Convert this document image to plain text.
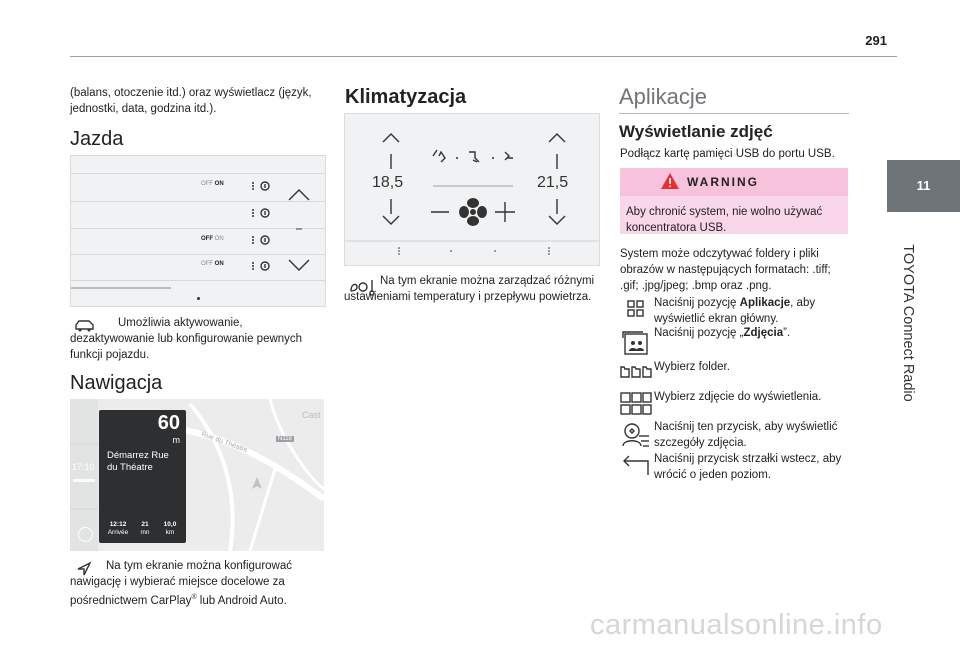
291
11
TOYOTA Connect Radio
(balans, otoczenie itd.) oraz wyświetlacz (język, jednostki, data, godzina itd.).
Jazda
OFF ON
OFF ON
OFF ON
Umożliwia aktywowanie, dezaktywowanie lub konfigurowanie pewnych funkcji pojazdu.
Nawigacja
Cast
Rue du Théatre	N118
17:10
60
m
Démarrez Rue du Théatre
12:12
Arrivée
21
mn
10,0
km
Na tym ekranie można konfigurować nawigację i wybierać miejsce docelowe za pośrednictwem CarPlay® lub Android Auto.
Klimatyzacja
18,5	21,5
Na tym ekranie można zarządzać różnymi ustawieniami temperatury i przepływu powietrza.
Aplikacje
Wyświetlanie zdjęć
Podłącz kartę pamięci USB do portu USB.
WARNING
Aby chronić system, nie wolno używać koncentratora USB.
System może odczytywać foldery i pliki obrazów w następujących formatach: .tiff; .gif; .jpg/jpeg; .bmp oraz .png.
Naciśnij pozycję Aplikacje, aby wyświetlić ekran główny.
Naciśnij pozycję „Zdjęcia”.
Wybierz folder.
Wybierz zdjęcie do wyświetlenia.
Naciśnij ten przycisk, aby wyświetlić szczegóły zdjęcia.
Naciśnij przycisk strzałki wstecz, aby wrócić o jeden poziom.
carmanualsonline.info
